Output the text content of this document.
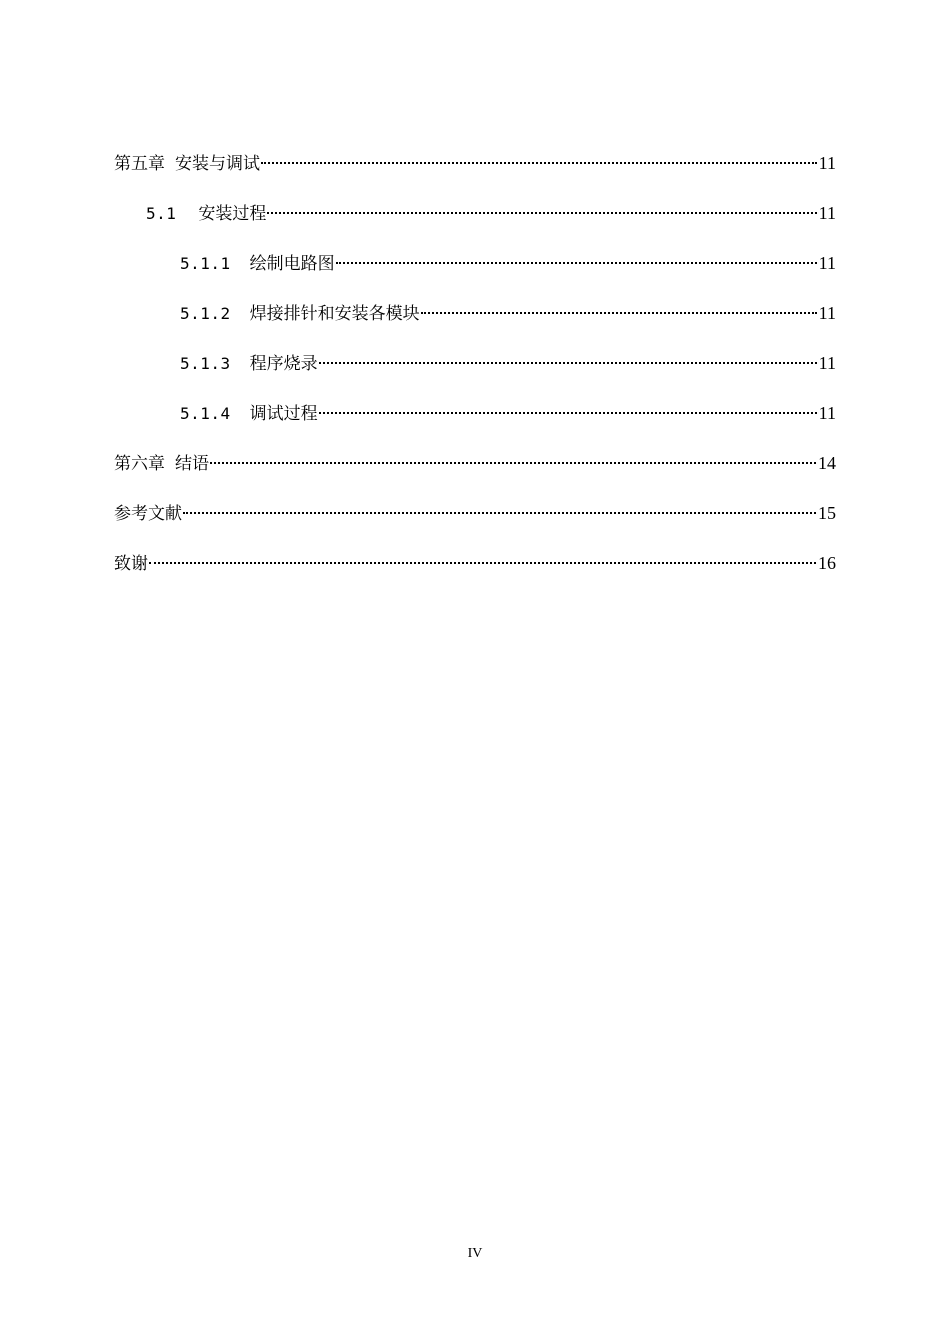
第五章 安装与调试	11
5.1 安装过程	11
5.1.1 绘制电路图	11
5.1.2 焊接排针和安装各模块	11
5.1.3 程序烧录	11
5.1.4 调试过程	11
第六章 结语	14
参考文献	15
致谢	16
IV
